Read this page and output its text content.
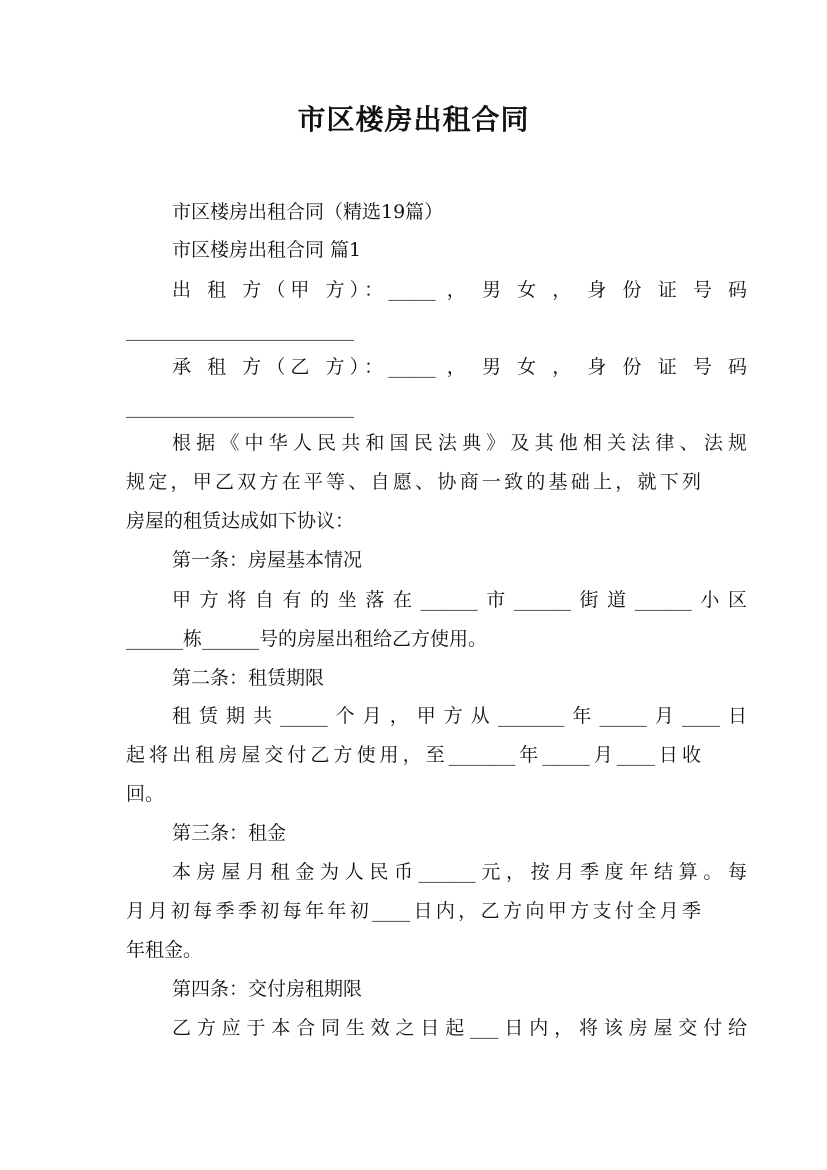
市区楼房出租合同
市区楼房出租合同（精选19篇）
市区楼房出租合同 篇1
出 租 方（甲 方）：_____ ， 男 女 ， 身 份 证 号 码
________________________
承 租 方（乙 方）：_____ ， 男 女 ， 身 份 证 号 码
________________________
根据《中华人民共和国民法典》及其他相关法律、法规
规定，甲乙双方在平等、自愿、协商一致的基础上，就下列
房屋的租赁达成如下协议：
第一条：房屋基本情况
甲方将自有的坐落在______市______街道______小区
______栋______号的房屋出租给乙方使用。
第二条：租赁期限
租赁期共_____个月，甲方从_______年_____月____日
起将出租房屋交付乙方使用，至_______年_____月____日收
回。
第三条：租金
本房屋月租金为人民币______元，按月季度年结算。每
月月初每季季初每年年初____日内，乙方向甲方支付全月季
年租金。
第四条：交付房租期限
乙方应于本合同生效之日起___日内，将该房屋交付给
